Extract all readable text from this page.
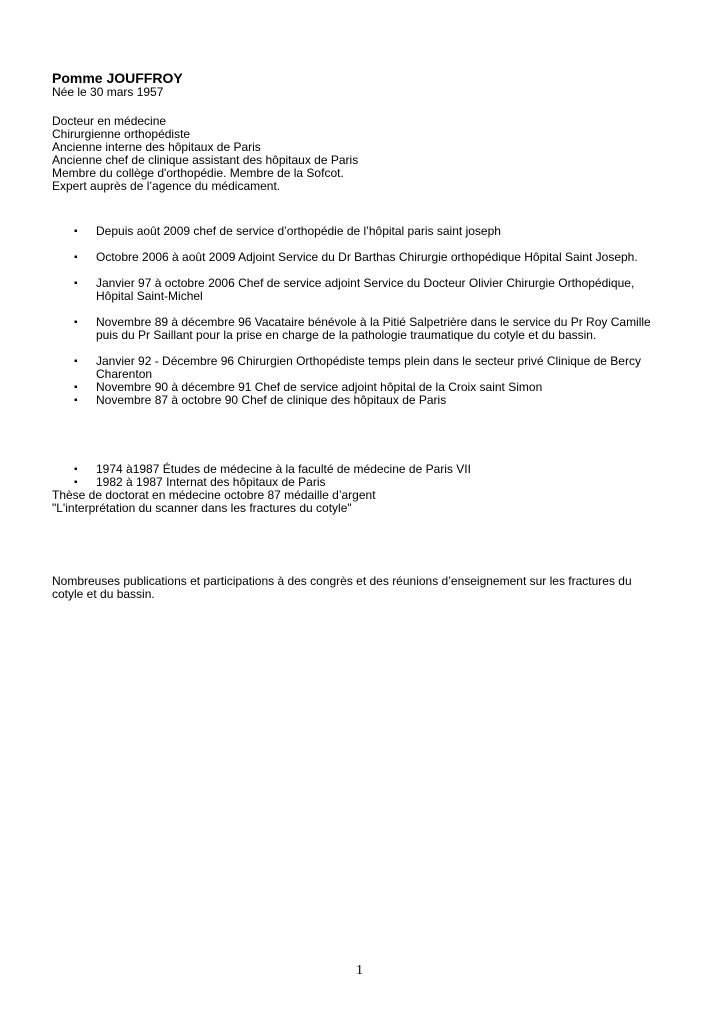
Pomme JOUFFROY
Née le 30 mars 1957
Docteur en médecine
Chirurgienne orthopédiste
Ancienne interne des hôpitaux de Paris
Ancienne chef de clinique assistant des hôpitaux de Paris
Membre du collège d'orthopédie. Membre de la Sofcot.
Expert auprès de l’agence du médicament.
▪ Depuis août 2009 chef de service d’orthopédie de l’hôpital paris saint joseph
▪ Octobre 2006 à août 2009 Adjoint Service du Dr Barthas Chirurgie orthopédique Hôpital Saint Joseph.
▪ Janvier 97 à octobre 2006 Chef de service adjoint Service du Docteur Olivier Chirurgie Orthopédique, Hôpital Saint-Michel
▪ Novembre 89 à décembre 96 Vacataire bénévole à la Pitié Salpetrière dans le service du Pr Roy Camille puis du Pr Saillant pour la prise en charge de la pathologie traumatique du cotyle et du bassin.
▪ Janvier 92 - Décembre 96 Chirurgien Orthopédiste temps plein dans le secteur privé Clinique de Bercy Charenton
▪ Novembre 90 à décembre 91 Chef de service adjoint hôpital de la Croix saint Simon
▪ Novembre 87 à octobre 90 Chef de clinique des hôpitaux de Paris
▪ 1974 à1987 Études de médecine à la faculté de médecine de Paris VII
▪ 1982 à 1987 Internat des hôpitaux de Paris
Thèse de doctorat en médecine octobre 87 médaille d’argent
"L'interprétation du scanner dans les fractures du cotyle"
Nombreuses publications et participations à des congrès et des réunions d’enseignement sur les fractures du cotyle et du bassin.
1
